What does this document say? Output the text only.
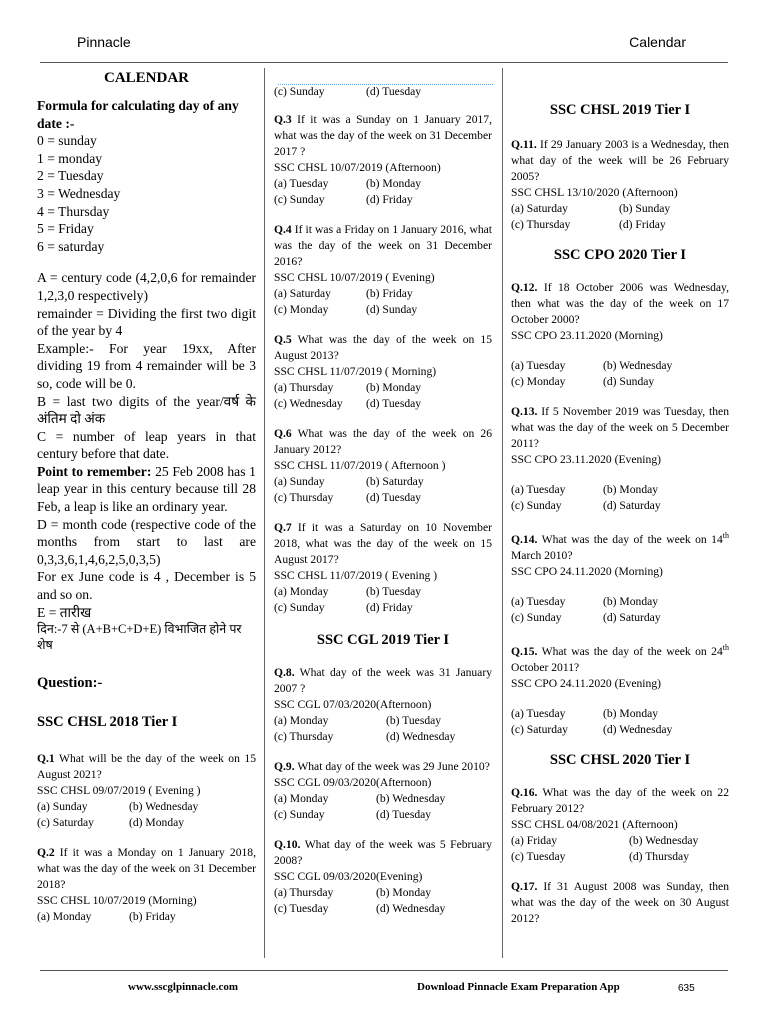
Pinnacle	Calendar
CALENDAR
Formula for calculating day of any date :-
0 = sunday
1 = monday
2 = Tuesday
3 = Wednesday
4 = Thursday
5 = Friday
6 = saturday
A = century code (4,2,0,6 for remainder 1,2,3,0 respectively)
remainder = Dividing the first two digit of the year by 4
Example:- For year 19xx, After dividing 19 from 4 remainder will be 3 so, code will be 0.
B = last two digits of the year/वर्ष के अंतिम दो अंक
C = number of leap years in that century before that date.
Point to remember: 25 Feb 2008 has 1 leap year in this century because till 28 Feb, a leap is like an ordinary year.
D = month code (respective code of the months from start to last are 0,3,3,6,1,4,6,2,5,0,3,5)
For ex June code is 4 , December is 5 and so on.
E = तारीख
दिन:-7 से (A+B+C+D+E) विभाजित होने पर शेष
Question:-
SSC CHSL 2018 Tier I
Q.1 What will be the day of the week on 15 August 2021?
SSC CHSL 09/07/2019 ( Evening )
(a) Sunday	(b) Wednesday
(c) Saturday	(d) Monday
Q.2 If it was a Monday on 1 January 2018, what was the day of the week on 31 December 2018?
SSC CHSL 10/07/2019 (Morning)
(a) Monday	(b) Friday
(c) Sunday	(d) Tuesday
Q.3 If it was a Sunday on 1 January 2017, what was the day of the week on 31 December 2017 ?
SSC CHSL 10/07/2019 (Afternoon)
(a) Tuesday	(b) Monday
(c) Sunday	(d) Friday
Q.4 If it was a Friday on 1 January 2016, what was the day of the week on 31 December 2016?
SSC CHSL 10/07/2019 ( Evening)
(a) Saturday	(b) Friday
(c) Monday	(d) Sunday
Q.5 What was the day of the week on 15 August 2013?
SSC CHSL 11/07/2019 ( Morning)
(a) Thursday	(b) Monday
(c) Wednesday	(d) Tuesday
Q.6 What was the day of the week on 26 January 2012?
SSC CHSL 11/07/2019 ( Afternoon )
(a) Sunday	(b) Saturday
(c) Thursday	(d) Tuesday
Q.7 If it was a Saturday on 10 November 2018, what was the day of the week on 15 August 2017?
SSC CHSL 11/07/2019 ( Evening )
(a) Monday	(b) Tuesday
(c) Sunday	(d) Friday
SSC CGL 2019 Tier I
Q.8. What day of the week was 31 January 2007 ?
SSC CGL 07/03/2020(Afternoon)
(a) Monday	(b) Tuesday
(c) Thursday	(d) Wednesday
Q.9. What day of the week was 29 June 2010?
SSC CGL 09/03/2020(Afternoon)
(a) Monday	(b) Wednesday
(c) Sunday	(d) Tuesday
Q.10. What day of the week was 5 February 2008?
SSC CGL 09/03/2020(Evening)
(a) Thursday	(b) Monday
(c) Tuesday	(d) Wednesday
SSC CHSL 2019 Tier I
Q.11. If 29 January 2003 is a Wednesday, then what day of the week will be 26 February 2005?
SSC CHSL 13/10/2020 (Afternoon)
(a) Saturday	(b) Sunday
(c) Thursday	(d) Friday
SSC CPO 2020 Tier I
Q.12. If 18 October 2006 was Wednesday, then what was the day of the week on 17 October 2000?
SSC CPO 23.11.2020 (Morning)
(a) Tuesday	(b) Wednesday
(c) Monday	(d) Sunday
Q.13. If 5 November 2019 was Tuesday, then what was the day of the week on 5 December 2011?
SSC CPO 23.11.2020 (Evening)
(a) Tuesday	(b) Monday
(c) Sunday	(d) Saturday
Q.14. What was the day of the week on 14th March 2010?
SSC CPO 24.11.2020 (Morning)
(a) Tuesday	(b) Monday
(c) Sunday	(d) Saturday
Q.15. What was the day of the week on 24th October 2011?
SSC CPO 24.11.2020 (Evening)
(a) Tuesday	(b) Monday
(c) Saturday	(d) Wednesday
SSC CHSL 2020 Tier I
Q.16. What was the day of the week on 22 February 2012?
SSC CHSL 04/08/2021 (Afternoon)
(a) Friday	(b) Wednesday
(c) Tuesday	(d) Thursday
Q.17. If 31 August 2008 was Sunday, then what was the day of the week on 30 August 2012?
www.sscglpinnacle.com	Download Pinnacle Exam Preparation App	635
